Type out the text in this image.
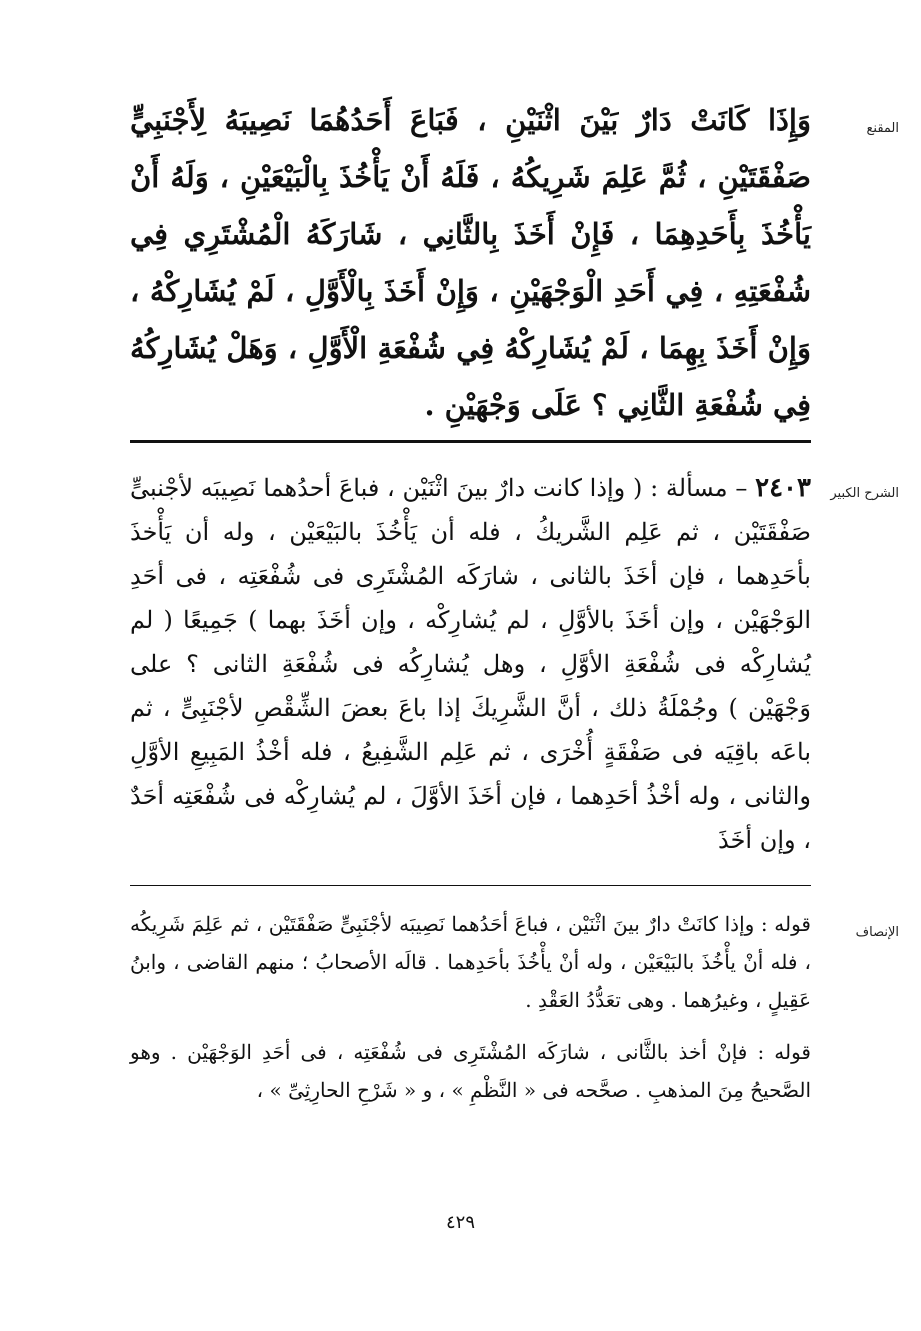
المقنع

وَإِذَا كَانَتْ دَارٌ بَيْنَ اثْنَيْنِ ، فَبَاعَ أَحَدُهُمَا نَصِيبَهُ لِأَجْنَبِيٍّ صَفْقَتَيْنِ ، ثُمَّ عَلِمَ شَرِيكُهُ ، فَلَهُ أَنْ يَأْخُذَ بِالْبَيْعَيْنِ ، وَلَهُ أَنْ يَأْخُذَ بِأَحَدِهِمَا ، فَإِنْ أَخَذَ بِالثَّانِي ، شَارَكَهُ الْمُشْتَرِي فِي شُفْعَتِهِ ، فِي أَحَدِ الْوَجْهَيْنِ ، وَإِنْ أَخَذَ بِالْأَوَّلِ ، لَمْ يُشَارِكْهُ ، وَإِنْ أَخَذَ بِهِمَا ، لَمْ يُشَارِكْهُ فِي شُفْعَةِ الْأَوَّلِ ، وَهَلْ يُشَارِكُهُ فِي شُفْعَةِ الثَّانِي ؟ عَلَى وَجْهَيْنِ .

الشرح الكبير

٢٤٠٣ – مسألة : ( وإذا كانت دارٌ بينَ اثْنَيْن ، فباعَ أحدُهما نَصِيبَه لأجْنبىٍّ صَفْقَتَيْن ، ثم عَلِم الشَّريكُ ، فله أن يَأْخُذَ بالبَيْعَيْن ، وله أن يَأْخذَ بأحَدِهما ، فإن أخَذَ بالثانى ، شارَكَه المُشْتَرِى فى شُفْعَتِه ، فى أحَدِ الوَجْهَيْن ، وإن أخَذَ بالأوَّلِ ، لم يُشارِكْه ، وإن أخَذَ بهما ) جَمِيعًا ( لم يُشارِكْه فى شُفْعَةِ الأوَّلِ ، وهل يُشارِكُه فى شُفْعَةِ الثانى ؟ على وَجْهَيْن ) وجُمْلَةُ ذلك ، أنَّ الشَّرِيكَ إذا باعَ بعضَ الشِّقْصِ لأجْنَبِىٍّ ، ثم باعَه باقِيَه فى صَفْقَةٍ أُخْرَى ، ثم عَلِم الشَّفِيعُ ، فله أخْذُ المَبِيعِ الأوَّلِ والثانى ، وله أخْذُ أحَدِهما ، فإن أخَذَ الأوَّلَ ، لم يُشارِكْه فى شُفْعَتِه أحَدٌ ، وإن أخَذَ

الإنصاف

قوله : وإذا كانَتْ دارٌ بينَ اثْنَيْن ، فباعَ أحَدُهما نَصِيبَه لأجْنَبِىٍّ صَفْقَتَيْن ، ثم عَلِمَ شَرِيكُه ، فله أنْ يأْخُذَ بالبَيْعَيْن ، وله أنْ يأْخُذَ بأحَدِهما . قالَه الأصحابُ ؛ منهم القاضى ، وابنُ عَقِيلٍ ، وغيرُهما . وهى تعَدُّدُ العَقْدِ .

قوله : فإنْ أخذ بالثَّانى ، شارَكَه المُشْتَرِى فى شُفْعَتِه ، فى أحَدِ الوَجْهَيْن . وهو الصَّحيحُ مِنَ المذهبِ . صحَّحه فى « النَّظْمِ » ، و « شَرْحِ الحارِثِىِّ » ،

٤٢٩
